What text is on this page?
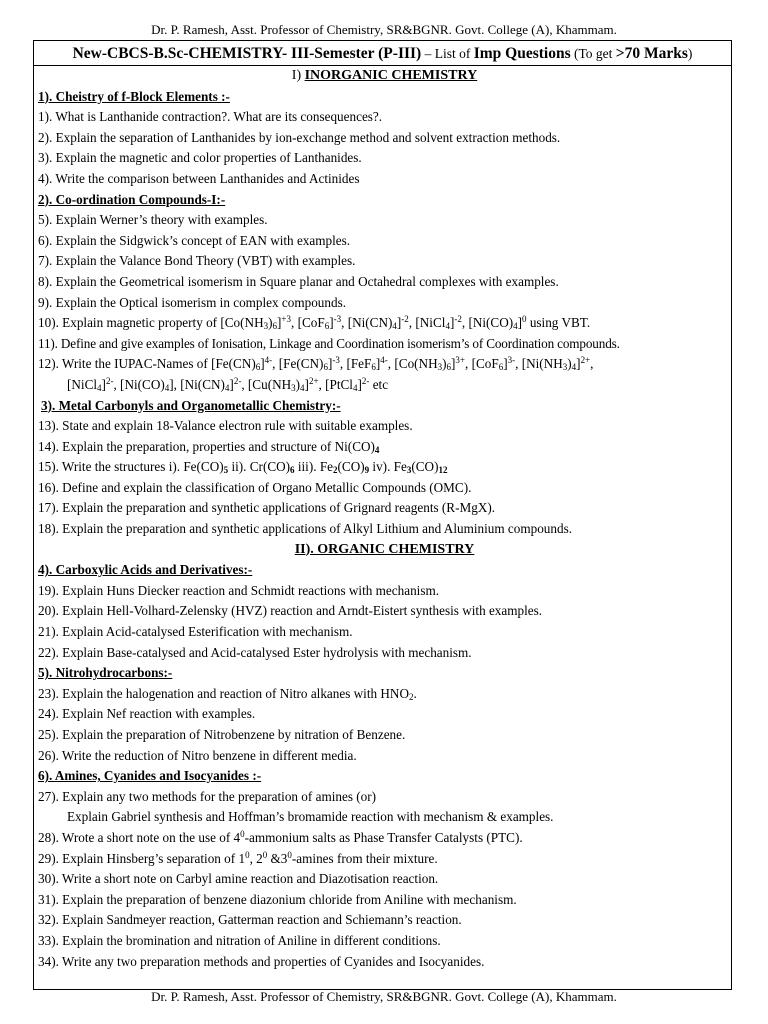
Dr. P. Ramesh, Asst. Professor of Chemistry, SR&BGNR. Govt. College (A), Khammam.
New-CBCS-B.Sc-CHEMISTRY- III-Semester (P-III) – List of Imp Questions (To get >70 Marks)
I) INORGANIC CHEMISTRY
1). Cheistry of f-Block Elements :-
1). What is Lanthanide contraction?. What are its consequences?.
2). Explain the separation of Lanthanides by ion-exchange method and solvent extraction methods.
3). Explain the magnetic and color properties of Lanthanides.
4). Write the comparison between Lanthanides and Actinides
2). Co-ordination Compounds-I:-
5). Explain Werner’s theory with examples.
6). Explain the Sidgwick’s concept of EAN with examples.
7). Explain the Valance Bond Theory (VBT) with examples.
8). Explain the Geometrical isomerism in Square planar and Octahedral complexes with examples.
9). Explain the Optical isomerism in complex compounds.
10). Explain magnetic property of $[Co(NH_3)_6]^{+3}$, $[CoF_6]^{-3}$, $[Ni(CN)_4]^{-2}$, [NiCl$_4$]$^{-2}$, $[Ni(CO)_4]^0$ using VBT.
11). Define and give examples of Ionisation, Linkage and Coordination isomerism’s of Coordination compounds.
12). Write the IUPAC-Names of $[Fe(CN)_6]^{4-}$, $[Fe(CN)_6]^{-3}$, $[FeF_6]^{4-}$, $[Co(NH_3)_6]^{3+}$, $[CoF_6]^{3-}$, $[Ni(NH_3)_4]^{2+}$,
[NiCl$_4$]$^{2-}$, $[Ni(CO)_4]$, $[Ni(CN)_4]^{2-}$, $[Cu(NH_3)_4]^{2+}$, [PtCl$_4$]$^{2-}$ etc
3). Metal Carbonyls and Organometallic Chemistry:-
13). State and explain 18-Valance electron rule with suitable examples.
14). Explain the preparation, properties and structure of $Ni(CO)_4$
15). Write the structures i). $Fe(CO)_5$ ii). $Cr(CO)_6$ iii). $Fe_2(CO)_9$ iv). $Fe_3(CO)_{12}$
16). Define and explain the classification of Organo Metallic Compounds (OMC).
17). Explain the preparation and synthetic applications of Grignard reagents (R-MgX).
18). Explain the preparation and synthetic applications of Alkyl Lithium and Aluminium compounds.
II). ORGANIC CHEMISTRY
4). Carboxylic Acids and Derivatives:-
19). Explain Huns Diecker reaction and Schmidt reactions with mechanism.
20). Explain Hell-Volhard-Zelensky (HVZ) reaction and Arndt-Eistert synthesis with examples.
21). Explain Acid-catalysed Esterification with mechanism.
22). Explain Base-catalysed and Acid-catalysed Ester hydrolysis with mechanism.
5). Nitrohydrocarbons:-
23). Explain the halogenation and reaction of Nitro alkanes with $HNO_2$.
24). Explain Nef reaction with examples.
25). Explain the preparation of Nitrobenzene by nitration of Benzene.
26). Write the reduction of Nitro benzene in different media.
6). Amines, Cyanides and Isocyanides :-
27). Explain any two methods for the preparation of amines (or)
Explain Gabriel synthesis and Hoffman’s bromamide reaction with mechanism & examples.
28). Wrote a short note on the use of $4^0$-ammonium salts as Phase Transfer Catalysts (PTC).
29). Explain Hinsberg’s separation of $1^0$, $2^0$ $\&3^0$-amines from their mixture.
30). Write a short note on Carbyl amine reaction and Diazotisation reaction.
31). Explain the preparation of benzene diazonium chloride from Aniline with mechanism.
32). Explain Sandmeyer reaction, Gatterman reaction and Schiemann’s reaction.
33). Explain the bromination and nitration of Aniline in different conditions.
34). Write any two preparation methods and properties of Cyanides and Isocyanides.
Dr. P. Ramesh, Asst. Professor of Chemistry, SR&BGNR. Govt. College (A), Khammam.
